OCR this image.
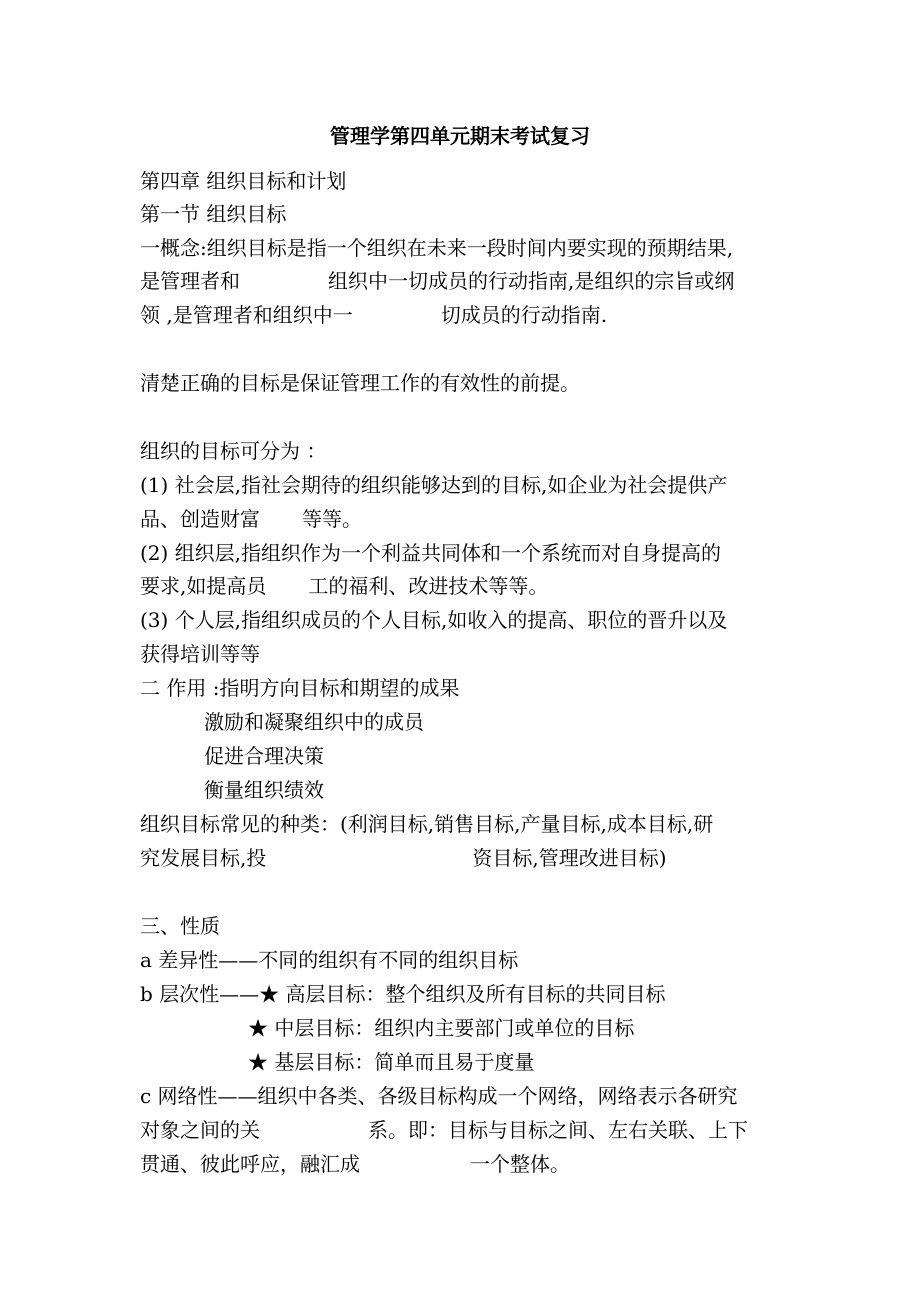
管理学第四单元期末考试复习
第四章 组织目标和计划
第一节 组织目标
一概念:组织目标是指一个组织在未来一段时间内要实现的预期结果,
是管理者和	组织中一切成员的行动指南,是组织的宗旨或纲
领 ,是管理者和组织中一	切成员的行动指南.
清楚正确的目标是保证管理工作的有效性的前提。
组织的目标可分为 ：
(1) 社会层,指社会期待的组织能够达到的目标,如企业为社会提供产
品、创造财富 等等。
(2) 组织层,指组织作为一个利益共同体和一个系统而对自身提高的
要求,如提高员 工的福利、改进技术等等。
(3) 个人层,指组织成员的个人目标,如收入的提高、职位的晋升以及
获得培训等等
二 作用 :指明方向目标和期望的成果
激励和凝聚组织中的成员
促进合理决策
衡量组织绩效
组织目标常见的种类：(利润目标,销售目标,产量目标,成本目标,研
究发展目标,投	资目标,管理改进目标)
三、性质
a 差异性——不同的组织有不同的组织目标
b 层次性——★ 高层目标：整个组织及所有目标的共同目标
★ 中层目标：组织内主要部门或单位的目标
★ 基层目标：简单而且易于度量
c 网络性——组织中各类、各级目标构成一个网络，网络表示各研究
对象之间的关	系。即：目标与目标之间、左右关联、上下
贯通、彼此呼应，融汇成	一个整体。
